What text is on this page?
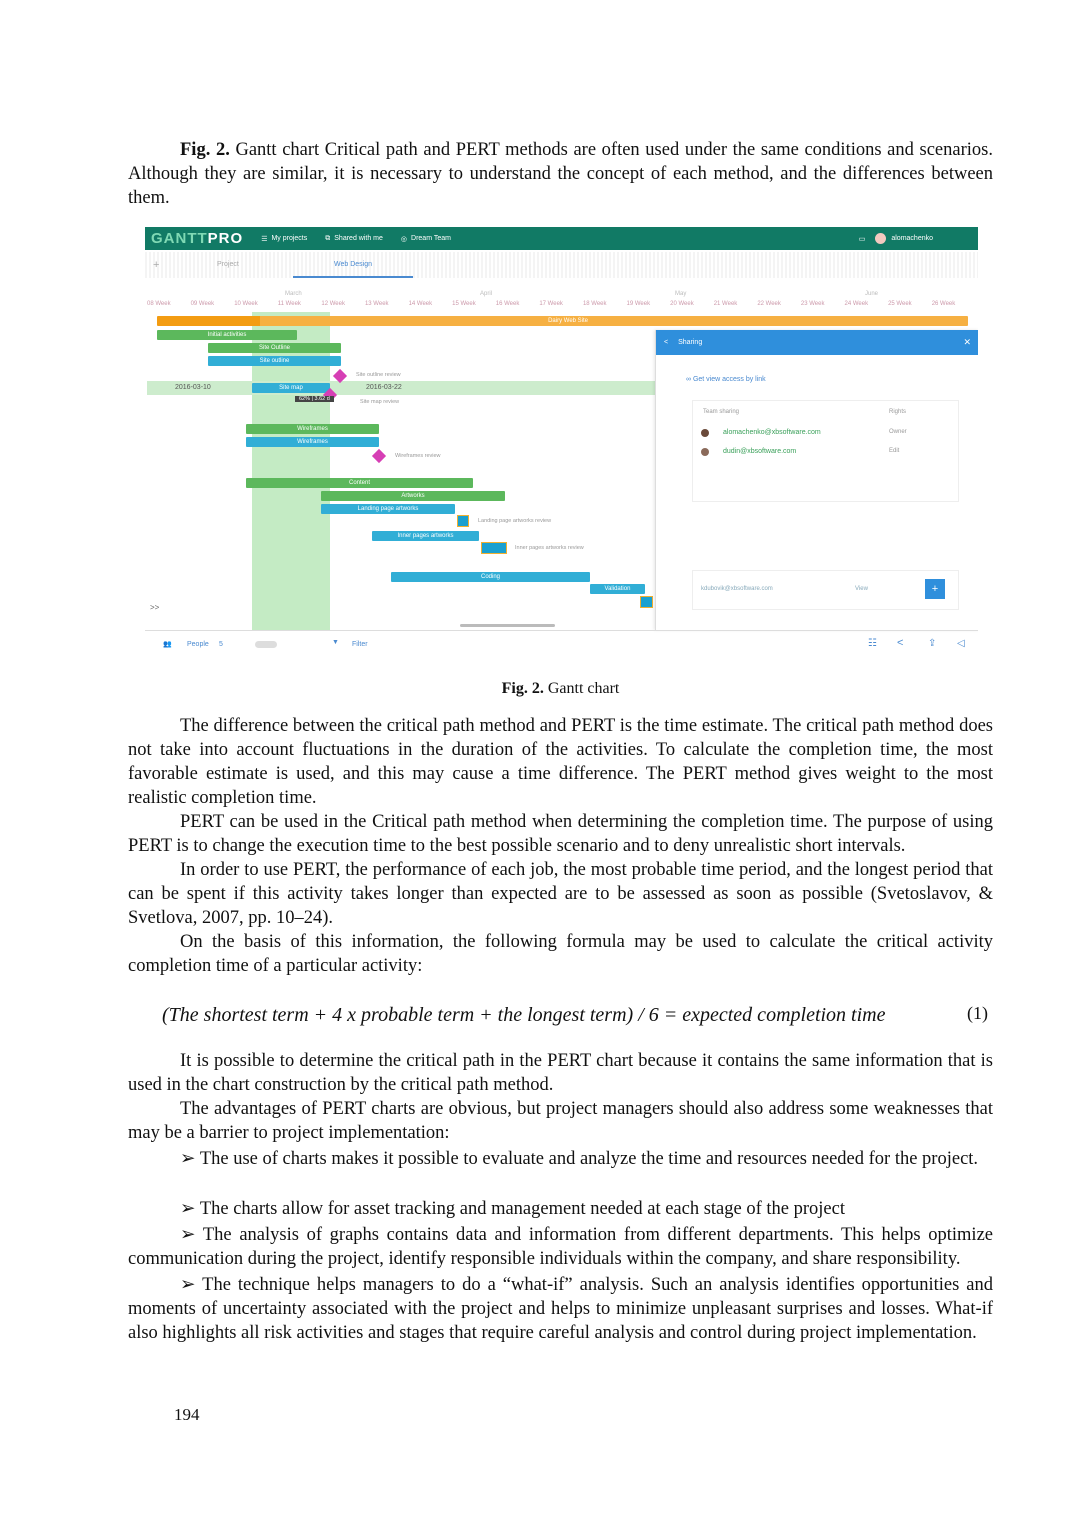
Fig. 2. Gantt chart Critical path and PERT methods are often used under the same conditions and scenarios. Although they are similar, it is necessary to understand the concept of each method, and the differences between them.

GANTTPRO	☰ My projects	⧉ Shared with me	◎ Dream Team	▭	alomachenko
+	Project	Web Design
March	April	May	June
08 Week	09 Week	10 Week	11 Week	12 Week	13 Week	14 Week	15 Week	16 Week	17 Week	18 Week	19 Week	20 Week	21 Week	22 Week	23 Week	24 Week	25 Week	26 Week
Dairy Web Site
Initial activities
Site Outline
Site outline
Site outline review
2016-03-10	Site map	2016-03-22
62% | 3.62 d	Site map review
Wireframes
Wireframes
Wireframes review
Content
Artworks
Landing page artworks
Landing page artworks review
Inner pages artworks
Inner pages artworks review
Coding
Validation
>>
< Sharing	✕
∞ Get view access by link
Team sharing	Rights
alomachenko@xbsoftware.com	Owner
dudin@xbsoftware.com	Edit
kdubovik@xbsoftware.com	View	+
👥 People 5	▼ Filter	☷ < ⇪ ◁

Fig. 2. Gantt chart

The difference between the critical path method and PERT is the time estimate. The critical path method does not take into account fluctuations in the duration of the activities. To calculate the completion time, the most favorable estimate is used, and this may cause a time difference. The PERT method gives weight to the most realistic completion time.

PERT can be used in the Critical path method when determining the completion time. The purpose of using PERT is to change the execution time to the best possible scenario and to deny unrealistic short intervals.

In order to use PERT, the performance of each job, the most probable time period, and the longest period that can be spent if this activity takes longer than expected are to be assessed as soon as possible (Svetoslavov, & Svetlova, 2007, pp. 10–24).

On the basis of this information, the following formula may be used to calculate the critical activity completion time of a particular activity:

(The shortest term + 4 x probable term + the longest term) / 6 = expected completion time	(1)

It is possible to determine the critical path in the PERT chart because it contains the same information that is used in the chart construction by the critical path method.

The advantages of PERT charts are obvious, but project managers should also address some weaknesses that may be a barrier to project implementation:

➢ The use of charts makes it possible to evaluate and analyze the time and resources needed for the project.

➢ The charts allow for asset tracking and management needed at each stage of the project

➢ The analysis of graphs contains data and information from different departments. This helps optimize communication during the project, identify responsible individuals within the company, and share responsibility.

➢ The technique helps managers to do a “what-if” analysis. Such an analysis identifies opportunities and moments of uncertainty associated with the project and helps to minimize unpleasant surprises and losses. What-if also highlights all risk activities and stages that require careful analysis and control during project implementation.

194
